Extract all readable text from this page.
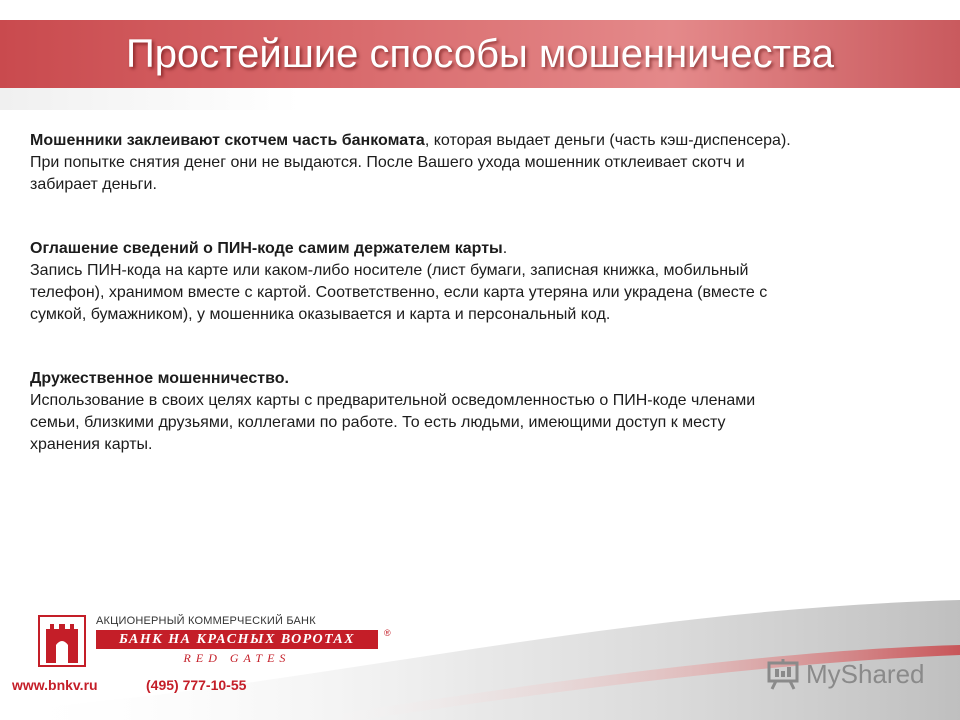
Простейшие способы мошенничества

Мошенники заклеивают скотчем часть банкомата, которая выдает деньги (часть кэш-диспенсера).

При попытке снятия денег они не выдаются. После Вашего ухода мошенник отклеивает скотч и

забирает деньги.

Оглашение сведений о ПИН-коде самим держателем карты.

Запись ПИН-кода на карте или каком-либо носителе (лист бумаги, записная книжка, мобильный

телефон), хранимом вместе с картой. Соответственно, если карта утеряна или украдена (вместе с

сумкой, бумажником), у мошенника оказывается и карта и персональный код.

Дружественное мошенничество.

Использование в своих целях карты с предварительной осведомленностью о ПИН-коде членами

семьи, близкими друзьями, коллегами по работе. То есть людьми, имеющими доступ к месту

хранения карты.

АКЦИОНЕРНЫЙ КОММЕРЧЕСКИЙ БАНК
БАНК НА КРАСНЫХ ВОРОТАХ	®
RED GATES
www.bnkv.ru	(495) 777-10-55	MyShared
